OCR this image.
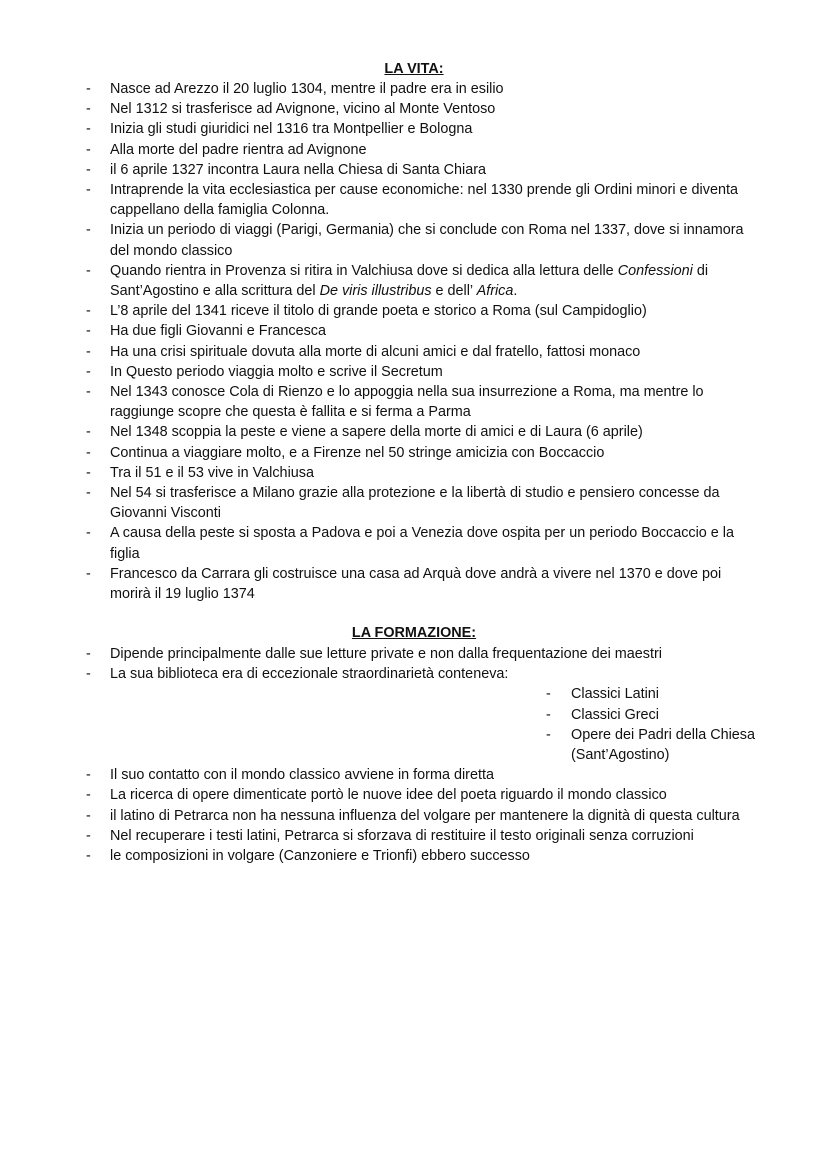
LA VITA:
- Nasce ad Arezzo il 20 luglio 1304, mentre il padre era in esilio
- Nel 1312 si trasferisce ad Avignone, vicino al Monte Ventoso
- Inizia gli studi giuridici nel 1316 tra Montpellier e Bologna
- Alla morte del padre rientra ad Avignone
- il 6 aprile 1327 incontra Laura nella Chiesa di Santa Chiara
- Intraprende la vita ecclesiastica per cause economiche: nel 1330 prende gli Ordini minori e diventa cappellano della famiglia Colonna.
- Inizia un periodo di viaggi (Parigi, Germania) che si conclude con Roma nel 1337, dove si innamora del mondo classico
- Quando rientra in Provenza si ritira in Valchiusa dove si dedica alla lettura delle Confessioni di Sant’Agostino e alla scrittura del De viris illustribus e dell’ Africa.
- L’8 aprile del 1341 riceve il titolo di grande poeta e storico a Roma (sul Campidoglio)
- Ha due figli Giovanni e Francesca
- Ha una crisi spirituale dovuta alla morte di alcuni amici e dal fratello, fattosi monaco
- In Questo periodo viaggia molto e scrive il Secretum
- Nel 1343 conosce Cola di Rienzo e lo appoggia nella sua insurrezione a Roma, ma mentre lo raggiunge scopre che questa è fallita e si ferma a Parma
- Nel 1348 scoppia la peste e viene a sapere della morte di amici e di Laura (6 aprile)
- Continua a viaggiare molto, e a Firenze nel 50 stringe amicizia con Boccaccio
- Tra il 51 e il 53 vive in Valchiusa
- Nel 54 si trasferisce a Milano grazie alla protezione e la libertà di studio e pensiero concesse da Giovanni Visconti
- A causa della peste si sposta a Padova e poi a Venezia dove ospita per un periodo Boccaccio e la figlia
- Francesco da Carrara gli costruisce una casa ad Arquà dove andrà a vivere nel 1370 e dove poi morirà il 19 luglio 1374
LA FORMAZIONE:
- Dipende principalmente dalle sue letture private e non dalla frequentazione dei maestri
- La sua biblioteca era di eccezionale straordinarietà conteneva:
- Classici Latini
- Classici Greci
- Opere dei Padri della Chiesa (Sant’Agostino)
- Il suo contatto con il mondo classico avviene in forma diretta
- La ricerca di opere dimenticate portò le nuove idee del poeta riguardo il mondo classico
- il latino di Petrarca non ha nessuna influenza del volgare per mantenere la dignità di questa cultura
- Nel recuperare i testi latini, Petrarca si sforzava di restituire il testo originali senza corruzioni
- le composizioni in volgare (Canzoniere e Trionfi) ebbero successo
